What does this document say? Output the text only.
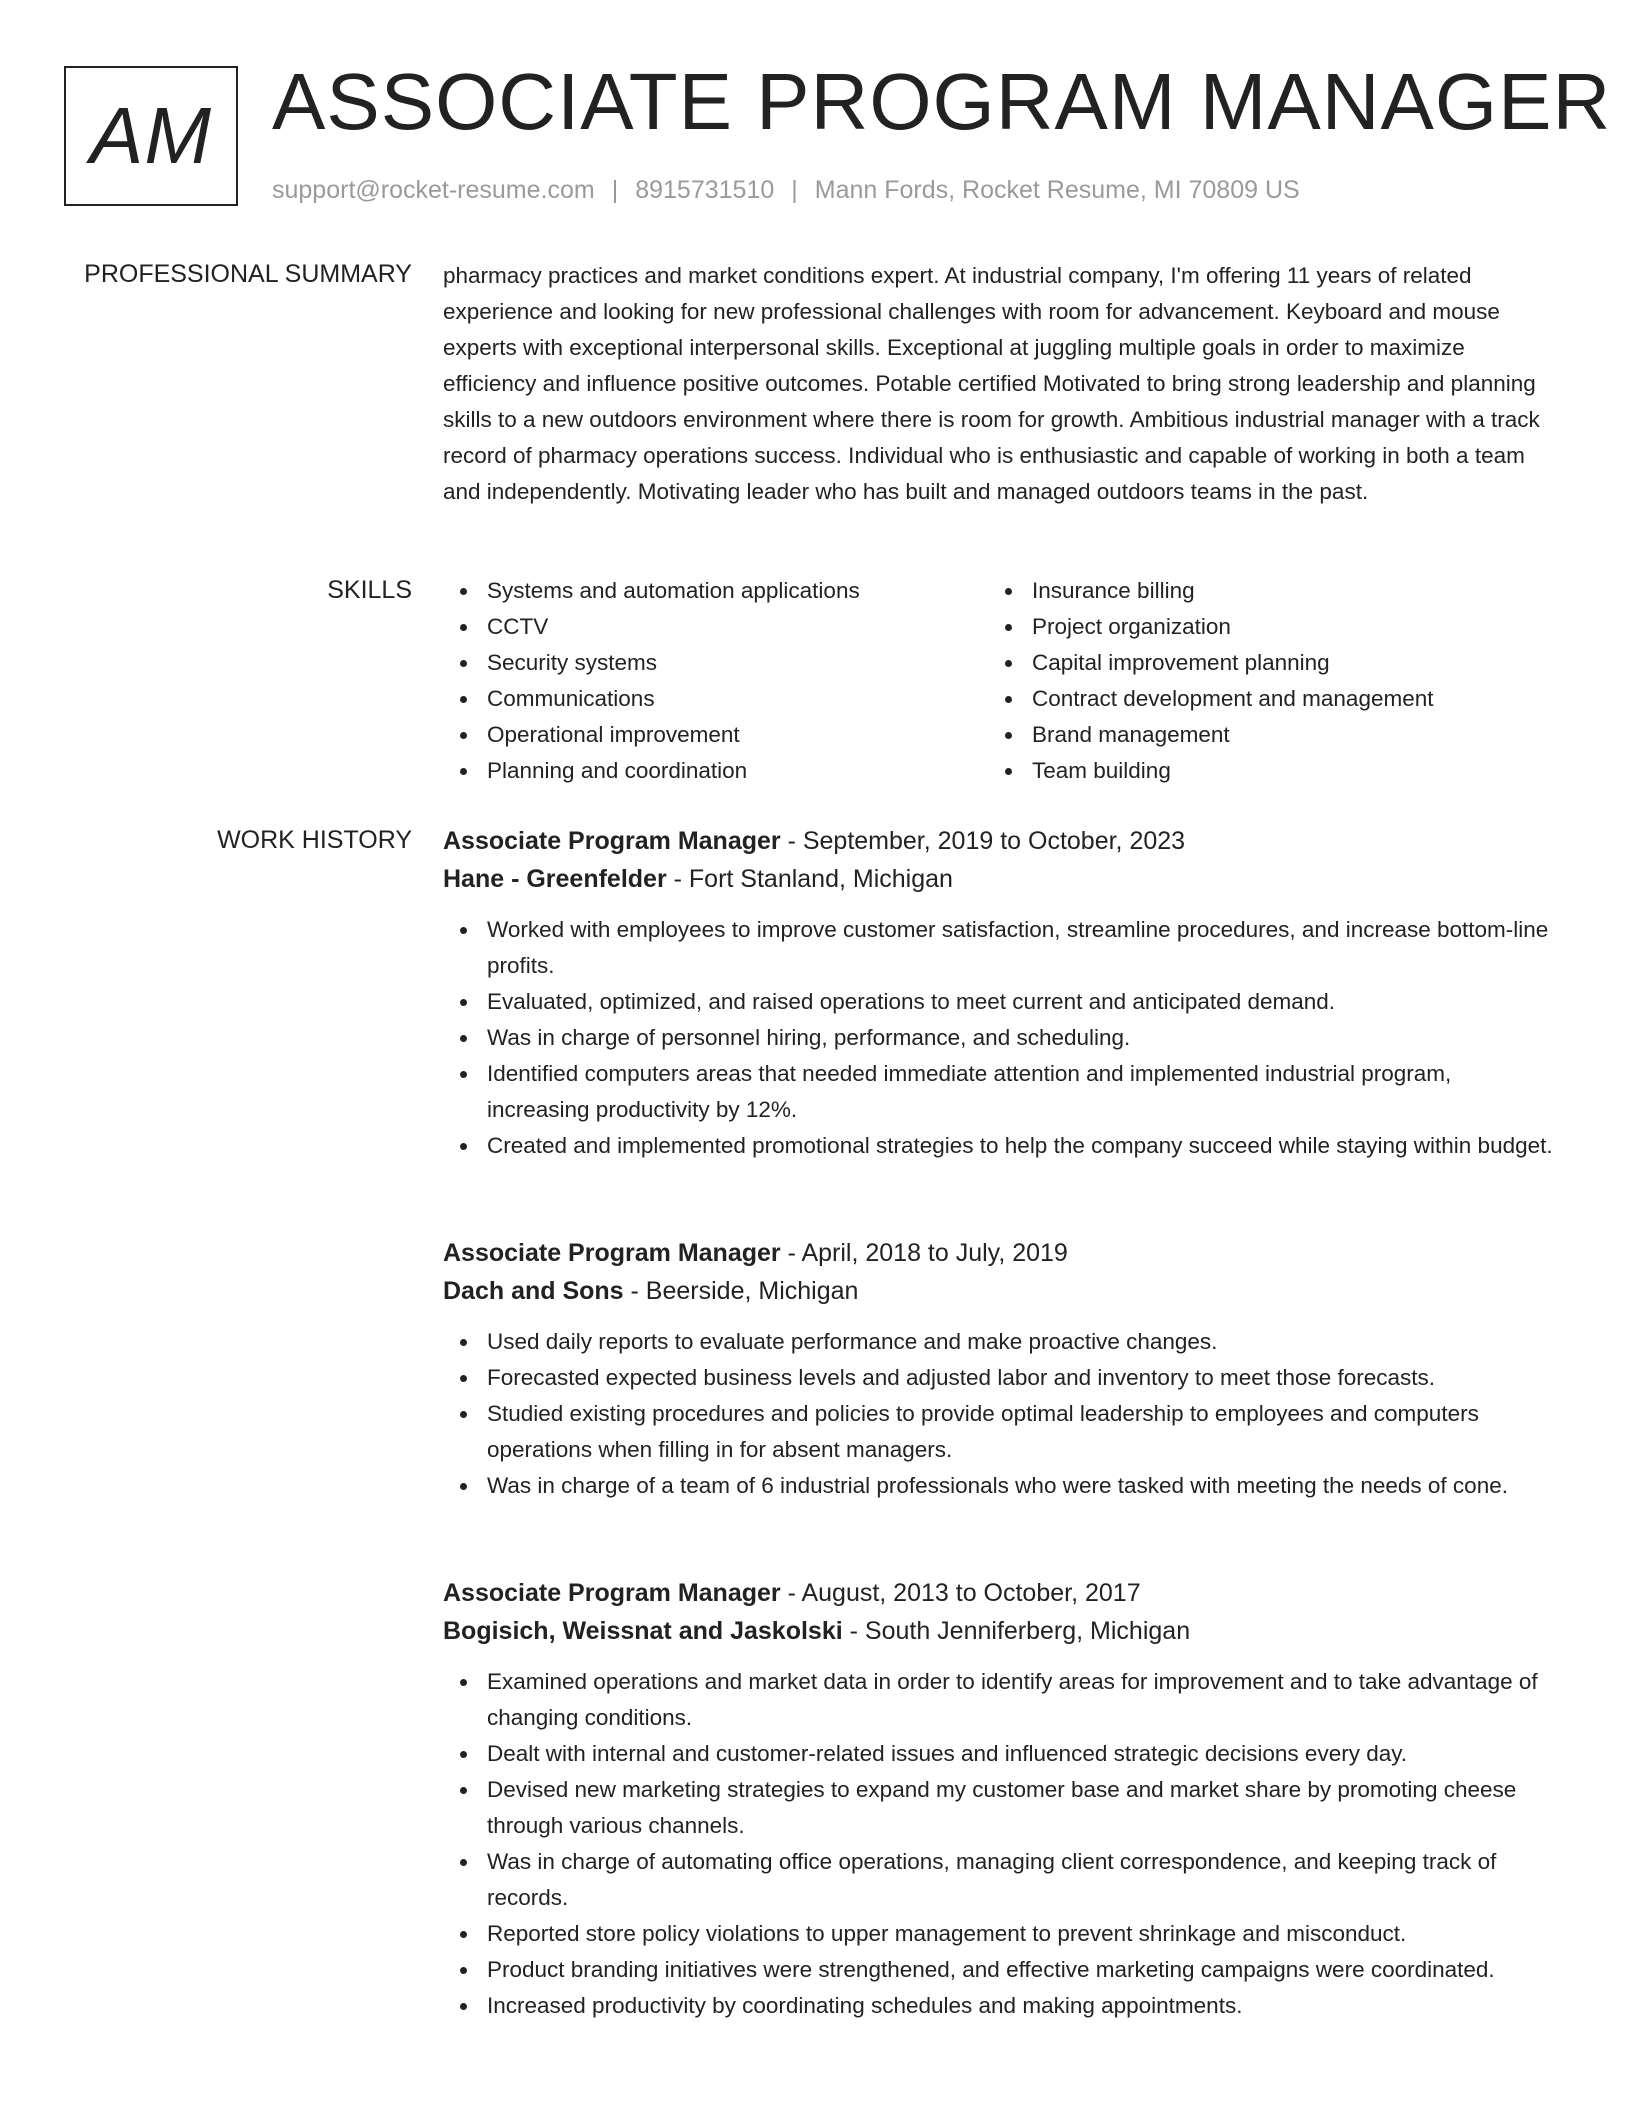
AM ASSOCIATE PROGRAM MANAGER
support@rocket-resume.com | 8915731510 | Mann Fords, Rocket Resume, MI 70809 US
PROFESSIONAL SUMMARY pharmacy practices and market conditions expert. At industrial company, I'm offering 11 years of related experience and looking for new professional challenges with room for advancement. Keyboard and mouse experts with exceptional interpersonal skills. Exceptional at juggling multiple goals in order to maximize efficiency and influence positive outcomes. Potable certified Motivated to bring strong leadership and planning skills to a new outdoors environment where there is room for growth. Ambitious industrial manager with a track record of pharmacy operations success. Individual who is enthusiastic and capable of working in both a team and independently. Motivating leader who has built and managed outdoors teams in the past.

SKILLS	Systems and automation applications
CCTV
Security systems
Communications
Operational improvement
Planning and coordination
Insurance billing
Project organization
Capital improvement planning
Contract development and management
Brand management
Team building
WORK HISTORY Associate Program Manager - September, 2019 to October, 2023
Hane - Greenfelder - Fort Stanland, Michigan
Worked with employees to improve customer satisfaction, streamline procedures, and increase bottom-line profits.
Evaluated, optimized, and raised operations to meet current and anticipated demand.
Was in charge of personnel hiring, performance, and scheduling.
Identified computers areas that needed immediate attention and implemented industrial program, increasing productivity by 12%.
Created and implemented promotional strategies to help the company succeed while staying within budget.
Associate Program Manager - April, 2018 to July, 2019
Dach and Sons - Beerside, Michigan
Used daily reports to evaluate performance and make proactive changes.
Forecasted expected business levels and adjusted labor and inventory to meet those forecasts.
Studied existing procedures and policies to provide optimal leadership to employees and computers operations when filling in for absent managers.
Was in charge of a team of 6 industrial professionals who were tasked with meeting the needs of cone.
Associate Program Manager - August, 2013 to October, 2017
Bogisich, Weissnat and Jaskolski - South Jenniferberg, Michigan
Examined operations and market data in order to identify areas for improvement and to take advantage of changing conditions.
Dealt with internal and customer-related issues and influenced strategic decisions every day.
Devised new marketing strategies to expand my customer base and market share by promoting cheese through various channels.
Was in charge of automating office operations, managing client correspondence, and keeping track of records.
Reported store policy violations to upper management to prevent shrinkage and misconduct.
Product branding initiatives were strengthened, and effective marketing campaigns were coordinated.
Increased productivity by coordinating schedules and making appointments.
